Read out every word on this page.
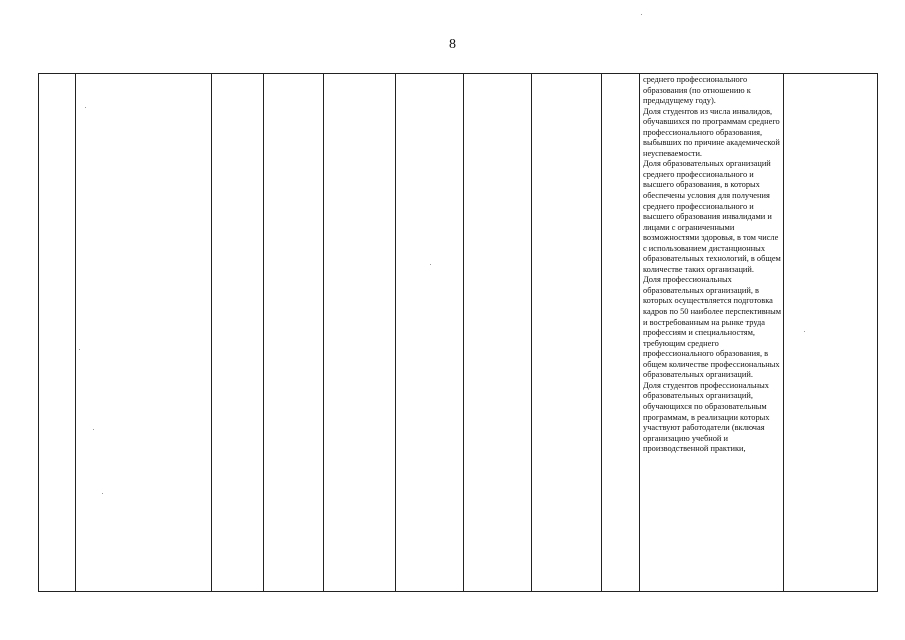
8

среднего профессионального образования (по отношению к предыдущему году).

Доля студентов из числа инвалидов, обучавшихся по программам среднего профессионального образования, выбывших по причине академической неуспеваемости.

Доля образовательных организаций среднего профессионального и высшего образования, в которых обеспечены условия для получения среднего профессионального и высшего образования инвалидами и лицами с ограниченными возможностями здоровья, в том числе с использованием дистанционных образовательных технологий, в общем количестве таких организаций.

Доля профессиональных образовательных организаций, в которых осуществляется подготовка кадров по 50 наиболее перспективным и востребованным на рынке труда профессиям и специальностям, требующим среднего профессионального образования, в общем количестве профессиональных образовательных организаций.

Доля студентов профессиональных образовательных организаций, обучающихся по образовательным программам, в реализации которых участвуют работодатели (включая организацию учебной и производственной практики,
